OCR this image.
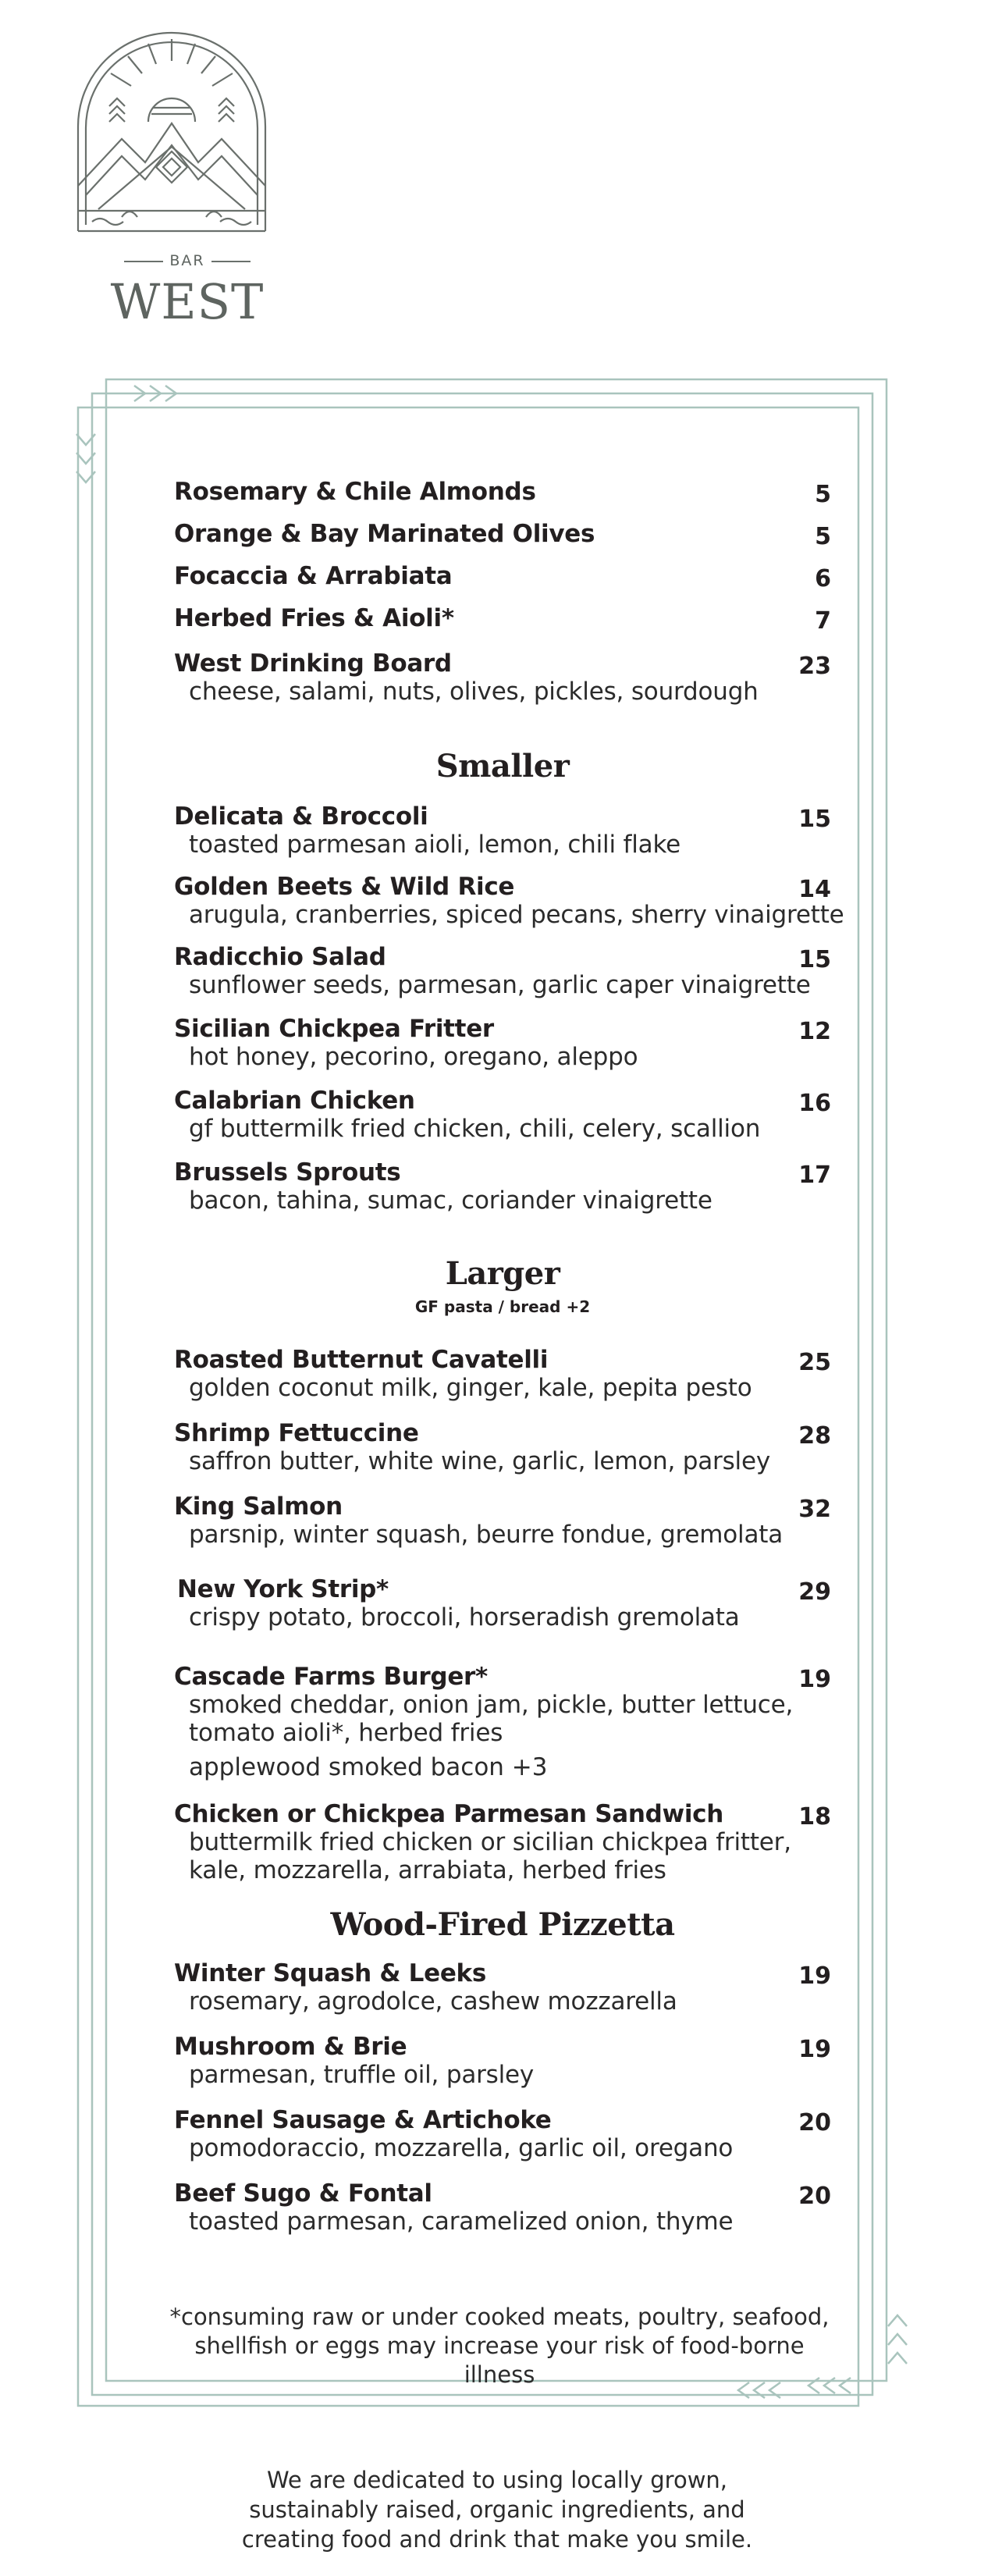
BAR
WEST
Rosemary & Chile Almonds	5
Orange & Bay Marinated Olives	5
Focaccia & Arrabiata	6
Herbed Fries & Aioli*	7
West Drinking Board	23
cheese, salami, nuts, olives, pickles, sourdough
Smaller
Delicata & Broccoli	15
toasted parmesan aioli, lemon, chili flake
Golden Beets & Wild Rice	14
arugula, cranberries, spiced pecans, sherry vinaigrette
Radicchio Salad	15
sunflower seeds, parmesan, garlic caper vinaigrette
Sicilian Chickpea Fritter	12
hot honey, pecorino, oregano, aleppo
Calabrian Chicken	16
gf buttermilk fried chicken, chili, celery, scallion
Brussels Sprouts	17
bacon, tahina, sumac, coriander vinaigrette
Larger
GF pasta / bread +2
Roasted Butternut Cavatelli	25
golden coconut milk, ginger, kale, pepita pesto
Shrimp Fettuccine	28
saffron butter, white wine, garlic, lemon, parsley
King Salmon	32
parsnip, winter squash, beurre fondue, gremolata
New York Strip*	29
crispy potato, broccoli, horseradish gremolata
Cascade Farms Burger*	19
smoked cheddar, onion jam, pickle, butter lettuce,
tomato aioli*, herbed fries
applewood smoked bacon +3
Chicken or Chickpea Parmesan Sandwich	18
buttermilk fried chicken or sicilian chickpea fritter,
kale, mozzarella, arrabiata, herbed fries
Wood-Fired Pizzetta
Winter Squash & Leeks	19
rosemary, agrodolce, cashew mozzarella
Mushroom & Brie	19
parmesan, truffle oil, parsley
Fennel Sausage & Artichoke	20
pomodoraccio, mozzarella, garlic oil, oregano
Beef Sugo & Fontal	20
toasted parmesan, caramelized onion, thyme
*consuming raw or under cooked meats, poultry, seafood,
shellfish or eggs may increase your risk of food-borne illness
We are dedicated to using locally grown,
sustainably raised, organic ingredients, and
creating food and drink that make you smile.
